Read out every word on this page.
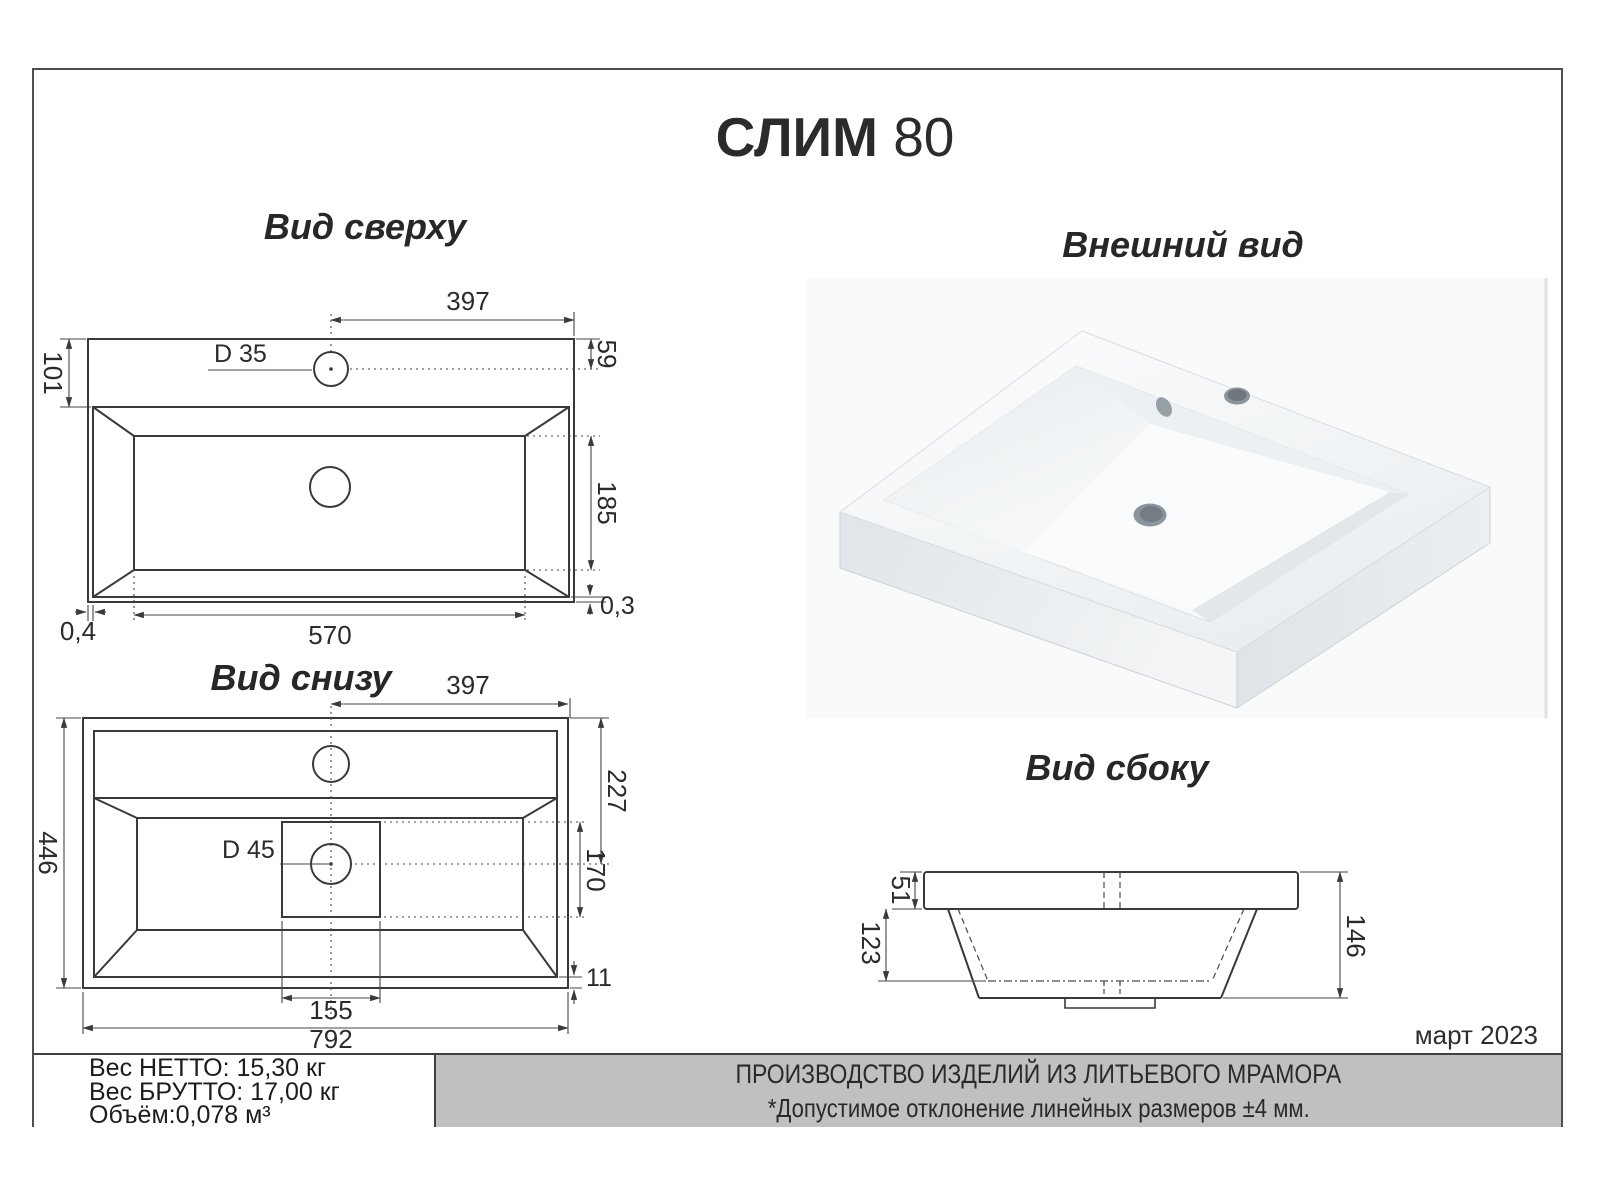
СЛИМ 80
Вид сверху	Внешний вид
Вид снизу
Вид сбоку
март 2023
397
D 35	59
101
185
570
0,4
0,3
397
446
227
170
D 45
11
155
792
51
123	146
Вес НЕТТО: 15,30 кг
Вес БРУТТО: 17,00 кг
Объём:0,078 м³
ПРОИЗВОДСТВО ИЗДЕЛИЙ ИЗ ЛИТЬЕВОГО МРАМОРА
*Допустимое отклонение линейных размеров ±4 мм.
